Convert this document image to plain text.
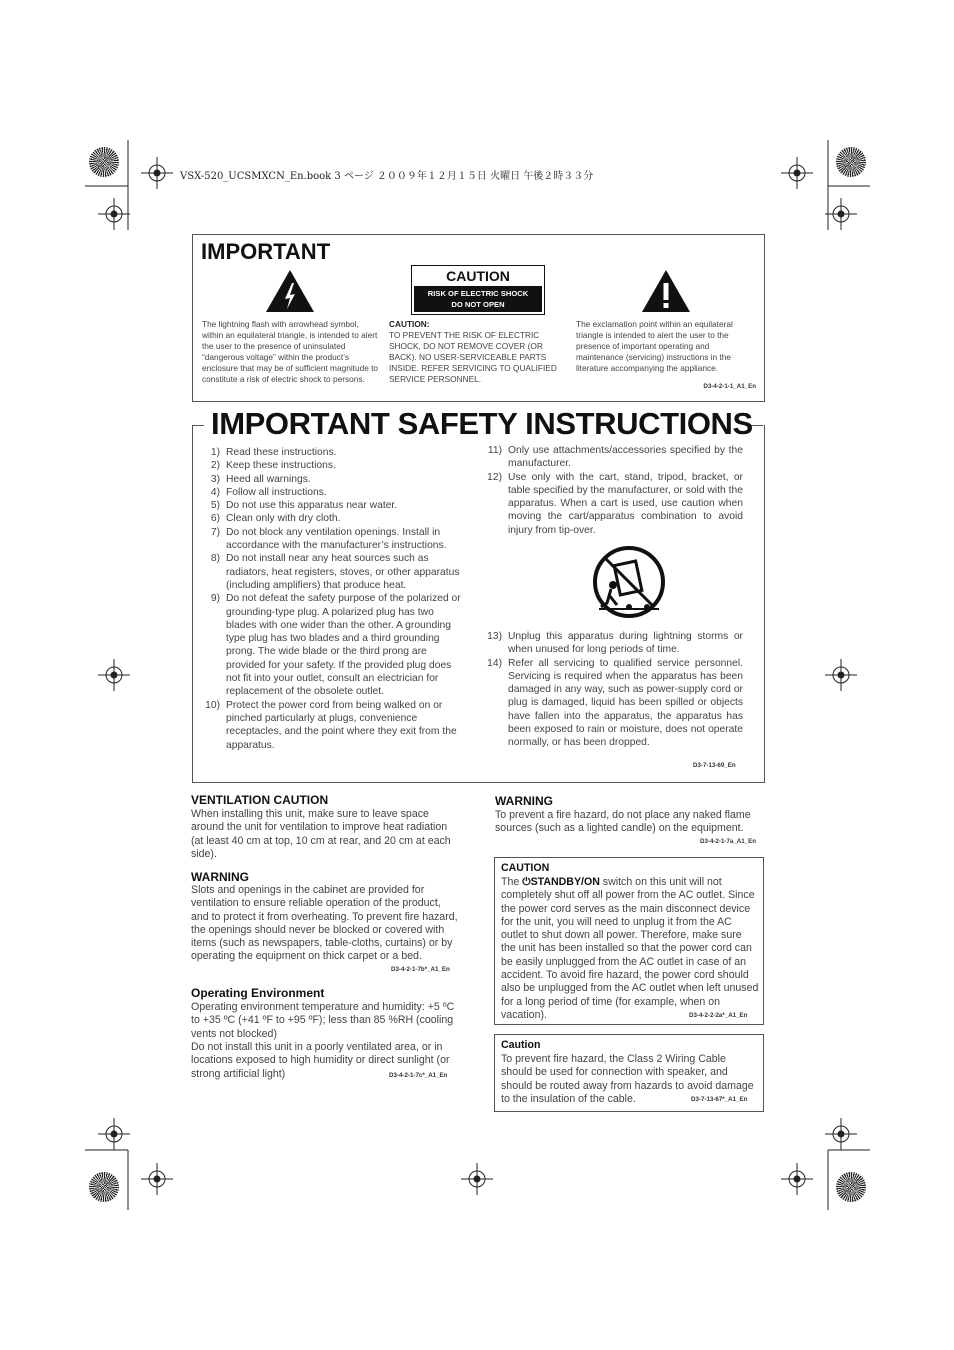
VSX-520_UCSMXCN_En.book 3 ページ ２００９年１２月１５日 火曜日 午後２時３３分
IMPORTANT
CAUTION
RISK OF ELECTRIC SHOCK
DO NOT OPEN
The lightning flash with arrowhead symbol, within an equilateral triangle, is intended to alert the user to the presence of uninsulated “dangerous voltage” within the product’s enclosure that may be of sufficient magnitude to constitute a risk of electric shock to persons.
CAUTION:
TO PREVENT THE RISK OF ELECTRIC SHOCK, DO NOT REMOVE COVER (OR BACK). NO USER-SERVICEABLE PARTS INSIDE. REFER SERVICING TO QUALIFIED SERVICE PERSONNEL.
The exclamation point within an equilateral triangle is intended to alert the user to the presence of important operating and maintenance (servicing) instructions in the literature accompanying the appliance.
D3-4-2-1-1_A1_En
IMPORTANT SAFETY INSTRUCTIONS
1) Read these instructions.
2) Keep these instructions.
3) Heed all warnings.
4) Follow all instructions.
5) Do not use this apparatus near water.
6) Clean only with dry cloth.
7) Do not block any ventilation openings. Install in accordance with the manufacturer’s instructions.
8) Do not install near any heat sources such as radiators, heat registers, stoves, or other apparatus (including amplifiers) that produce heat.
9) Do not defeat the safety purpose of the polarized or grounding-type plug. A polarized plug has two blades with one wider than the other. A grounding type plug has two blades and a third grounding prong. The wide blade or the third prong are provided for your safety. If the provided plug does not fit into your outlet, consult an electrician for replacement of the obsolete outlet.
10) Protect the power cord from being walked on or pinched particularly at plugs, convenience receptacles, and the point where they exit from the apparatus.
11) Only use attachments/accessories specified by the manufacturer.
12) Use only with the cart, stand, tripod, bracket, or table specified by the manufacturer, or sold with the apparatus. When a cart is used, use caution when moving the cart/apparatus combination to avoid injury from tip-over.
13) Unplug this apparatus during lightning storms or when unused for long periods of time.
14) Refer all servicing to qualified service personnel. Servicing is required when the apparatus has been damaged in any way, such as power-supply cord or plug is damaged, liquid has been spilled or objects have fallen into the apparatus, the apparatus has been exposed to rain or moisture, does not operate normally, or has been dropped.
D3-7-13-69_En
VENTILATION CAUTION
When installing this unit, make sure to leave space around the unit for ventilation to improve heat radiation (at least 40 cm at top, 10 cm at rear, and 20 cm at each side).
WARNING
Slots and openings in the cabinet are provided for ventilation to ensure reliable operation of the product, and to protect it from overheating. To prevent fire hazard, the openings should never be blocked or covered with items (such as newspapers, table-cloths, curtains) or by operating the equipment on thick carpet or a bed.
D3-4-2-1-7b*_A1_En
Operating Environment
Operating environment temperature and humidity: +5 ºC to +35 ºC (+41 ºF to +95 ºF); less than 85 %RH (cooling vents not blocked)
Do not install this unit in a poorly ventilated area, or in locations exposed to high humidity or direct sunlight (or strong artificial light)	D3-4-2-1-7c*_A1_En
WARNING
To prevent a fire hazard, do not place any naked flame sources (such as a lighted candle) on the equipment.
D3-4-2-1-7a_A1_En
CAUTION
The ⏻STANDBY/ON switch on this unit will not completely shut off all power from the AC outlet. Since the power cord serves as the main disconnect device for the unit, you will need to unplug it from the AC outlet to shut down all power. Therefore, make sure the unit has been installed so that the power cord can be easily unplugged from the AC outlet in case of an accident. To avoid fire hazard, the power cord should also be unplugged from the AC outlet when left unused for a long period of time (for example, when on vacation).	D3-4-2-2-2a*_A1_En
Caution
To prevent fire hazard, the Class 2 Wiring Cable should be used for connection with speaker, and should be routed away from hazards to avoid damage to the insulation of the cable.	D3-7-13-67*_A1_En
